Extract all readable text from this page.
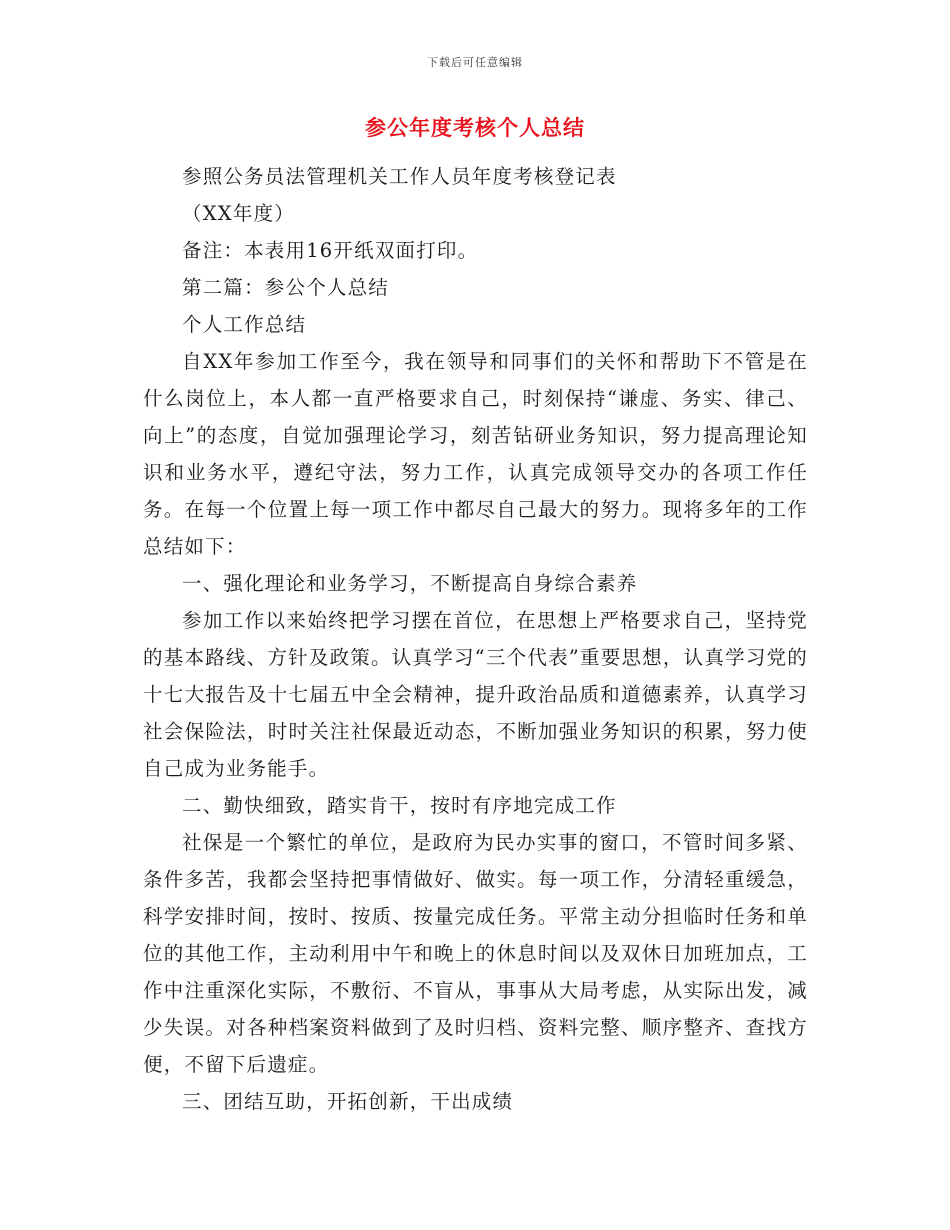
下载后可任意编辑
参公年度考核个人总结

参照公务员法管理机关工作人员年度考核登记表

（XX年度）

备注：本表用16开纸双面打印。

第二篇：参公个人总结

个人工作总结

自XX年参加工作至今，我在领导和同事们的关怀和帮助下不管是在什么岗位上，本人都一直严格要求自己，时刻保持“谦虚、务实、律己、向上”的态度，自觉加强理论学习，刻苦钻研业务知识，努力提高理论知识和业务水平，遵纪守法，努力工作，认真完成领导交办的各项工作任务。在每一个位置上每一项工作中都尽自己最大的努力。现将多年的工作总结如下：

一、强化理论和业务学习，不断提高自身综合素养

参加工作以来始终把学习摆在首位，在思想上严格要求自己，坚持党的基本路线、方针及政策。认真学习“三个代表”重要思想，认真学习党的十七大报告及十七届五中全会精神，提升政治品质和道德素养，认真学习社会保险法，时时关注社保最近动态，不断加强业务知识的积累，努力使自己成为业务能手。

二、勤快细致，踏实肯干，按时有序地完成工作

社保是一个繁忙的单位，是政府为民办实事的窗口，不管时间多紧、条件多苦，我都会坚持把事情做好、做实。每一项工作，分清轻重缓急，科学安排时间，按时、按质、按量完成任务。平常主动分担临时任务和单位的其他工作，主动利用中午和晚上的休息时间以及双休日加班加点，工作中注重深化实际，不敷衍、不盲从，事事从大局考虑，从实际出发，减少失误。对各种档案资料做到了及时归档、资料完整、顺序整齐、查找方便，不留下后遗症。

三、团结互助，开拓创新，干出成绩
